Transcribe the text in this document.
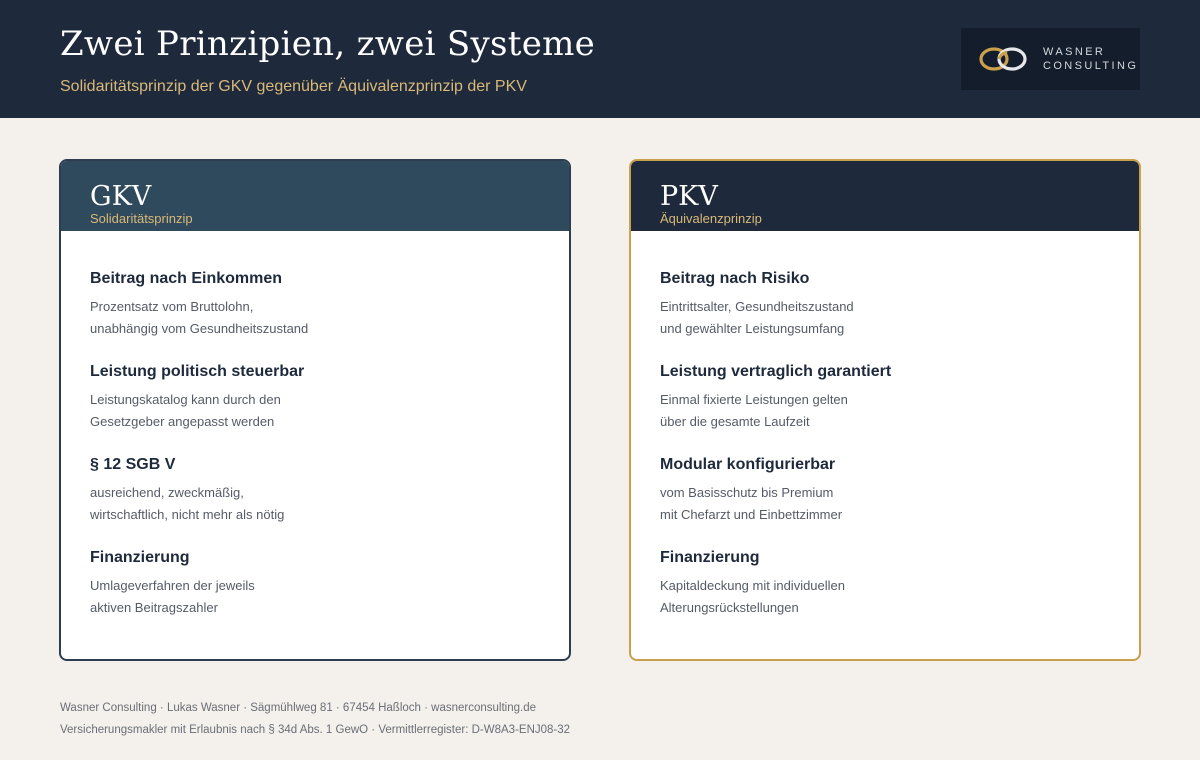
Zwei Prinzipien, zwei Systeme
Solidaritätsprinzip der GKV gegenüber Äquivalenzprinzip der PKV
WASNER
CONSULTING
GKV
Solidaritätsprinzip
Beitrag nach Einkommen
Prozentsatz vom Bruttolohn,
unabhängig vom Gesundheitszustand
Leistung politisch steuerbar
Leistungskatalog kann durch den
Gesetzgeber angepasst werden
§ 12 SGB V
ausreichend, zweckmäßig,
wirtschaftlich, nicht mehr als nötig
Finanzierung
Umlageverfahren der jeweils
aktiven Beitragszahler
PKV
Äquivalenzprinzip
Beitrag nach Risiko
Eintrittsalter, Gesundheitszustand
und gewählter Leistungsumfang
Leistung vertraglich garantiert
Einmal fixierte Leistungen gelten
über die gesamte Laufzeit
Modular konfigurierbar
vom Basisschutz bis Premium
mit Chefarzt und Einbettzimmer
Finanzierung
Kapitaldeckung mit individuellen
Alterungsrückstellungen
Wasner Consulting · Lukas Wasner · Sägmühlweg 81 · 67454 Haßloch · wasnerconsulting.de
Versicherungsmakler mit Erlaubnis nach § 34d Abs. 1 GewO · Vermittlerregister: D-W8A3-ENJ08-32
